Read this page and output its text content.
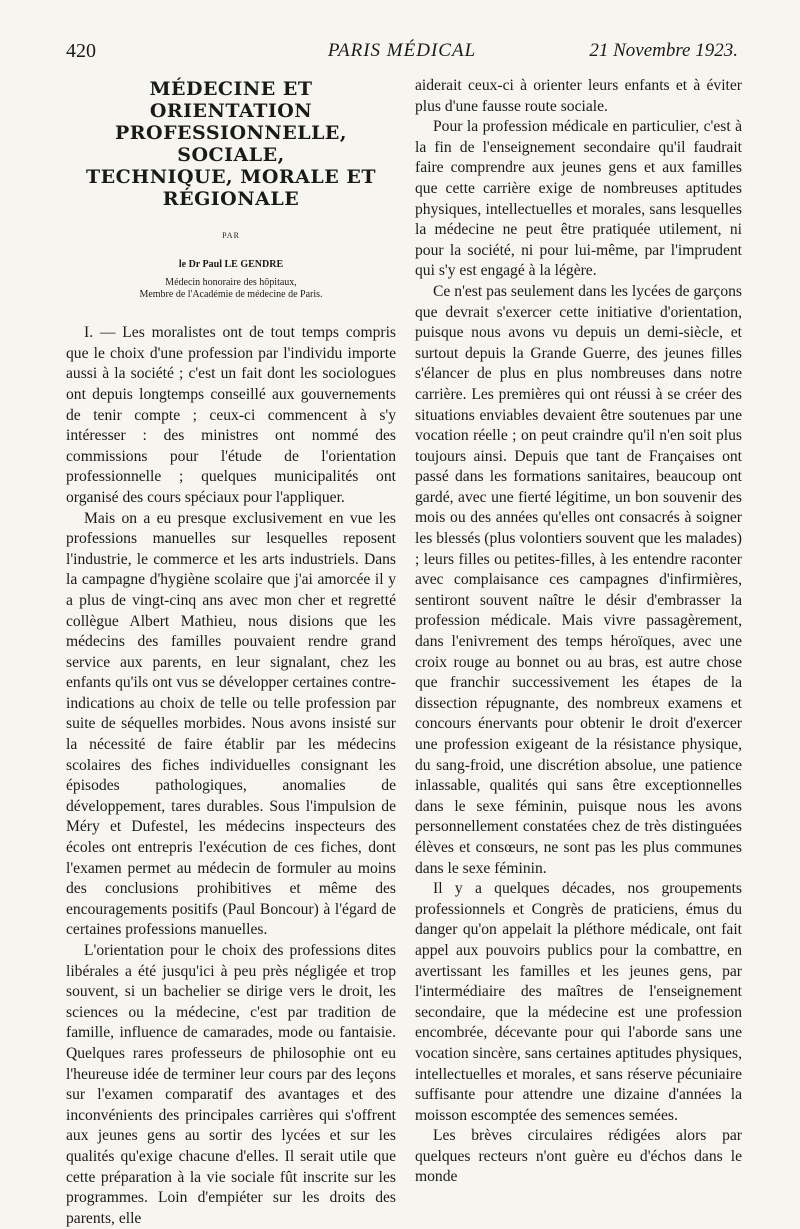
420	PARIS MÉDICAL	21 Novembre 1923.
MÉDECINE ET ORIENTATION
PROFESSIONNELLE, SOCIALE,
TECHNIQUE, MORALE ET
RÉGIONALE
PAR
le Dr Paul LE GENDRE
Médecin honoraire des hôpitaux,
Membre de l'Académie de médecine de Paris.

I. — Les moralistes ont de tout temps compris que le choix d'une profession par l'individu importe aussi à la société ; c'est un fait dont les sociologues ont depuis longtemps conseillé aux gouvernements de tenir compte ; ceux-ci commencent à s'y intéresser : des ministres ont nommé des commissions pour l'étude de l'orientation professionnelle ; quelques municipalités ont organisé des cours spéciaux pour l'appliquer.

Mais on a eu presque exclusivement en vue les professions manuelles sur lesquelles reposent l'industrie, le commerce et les arts industriels. Dans la campagne d'hygiène scolaire que j'ai amorcée il y a plus de vingt-cinq ans avec mon cher et regretté collègue Albert Mathieu, nous disions que les médecins des familles pouvaient rendre grand service aux parents, en leur signalant, chez les enfants qu'ils ont vus se développer certaines contre-indications au choix de telle ou telle profession par suite de séquelles morbides. Nous avons insisté sur la nécessité de faire établir par les médecins scolaires des fiches individuelles consignant les épisodes pathologiques, anomalies de développement, tares durables. Sous l'impulsion de Méry et Dufestel, les médecins inspecteurs des écoles ont entrepris l'exécution de ces fiches, dont l'examen permet au médecin de formuler au moins des conclusions prohibitives et même des encouragements positifs (Paul Boncour) à l'égard de certaines professions manuelles.

L'orientation pour le choix des professions dites libérales a été jusqu'ici à peu près négligée et trop souvent, si un bachelier se dirige vers le droit, les sciences ou la médecine, c'est par tradition de famille, influence de camarades, mode ou fantaisie. Quelques rares professeurs de philosophie ont eu l'heureuse idée de terminer leur cours par des leçons sur l'examen comparatif des avantages et des inconvénients des principales carrières qui s'offrent aux jeunes gens au sortir des lycées et sur les qualités qu'exige chacune d'elles. Il serait utile que cette préparation à la vie sociale fût inscrite sur les programmes. Loin d'empiéter sur les droits des parents, elle

aiderait ceux-ci à orienter leurs enfants et à éviter plus d'une fausse route sociale.

Pour la profession médicale en particulier, c'est à la fin de l'enseignement secondaire qu'il faudrait faire comprendre aux jeunes gens et aux familles que cette carrière exige de nombreuses aptitudes physiques, intellectuelles et morales, sans lesquelles la médecine ne peut être pratiquée utilement, ni pour la société, ni pour lui-même, par l'imprudent qui s'y est engagé à la légère.

Ce n'est pas seulement dans les lycées de garçons que devrait s'exercer cette initiative d'orientation, puisque nous avons vu depuis un demi-siècle, et surtout depuis la Grande Guerre, des jeunes filles s'élancer de plus en plus nombreuses dans notre carrière. Les premières qui ont réussi à se créer des situations enviables devaient être soutenues par une vocation réelle ; on peut craindre qu'il n'en soit plus toujours ainsi. Depuis que tant de Françaises ont passé dans les formations sanitaires, beaucoup ont gardé, avec une fierté légitime, un bon souvenir des mois ou des années qu'elles ont consacrés à soigner les blessés (plus volontiers souvent que les malades) ; leurs filles ou petites-filles, à les entendre raconter avec complaisance ces campagnes d'infirmières, sentiront souvent naître le désir d'embrasser la profession médicale. Mais vivre passagèrement, dans l'enivrement des temps héroïques, avec une croix rouge au bonnet ou au bras, est autre chose que franchir successivement les étapes de la dissection répugnante, des nombreux examens et concours énervants pour obtenir le droit d'exercer une profession exigeant de la résistance physique, du sang-froid, une discrétion absolue, une patience inlassable, qualités qui sans être exceptionnelles dans le sexe féminin, puisque nous les avons personnellement constatées chez de très distinguées élèves et consœurs, ne sont pas les plus communes dans le sexe féminin.

Il y a quelques décades, nos groupements professionnels et Congrès de praticiens, émus du danger qu'on appelait la pléthore médicale, ont fait appel aux pouvoirs publics pour la combattre, en avertissant les familles et les jeunes gens, par l'intermédiaire des maîtres de l'enseignement secondaire, que la médecine est une profession encombrée, décevante pour qui l'aborde sans une vocation sincère, sans certaines aptitudes physiques, intellectuelles et morales, et sans réserve pécuniaire suffisante pour attendre une dizaine d'années la moisson escomptée des semences semées.

Les brèves circulaires rédigées alors par quelques recteurs n'ont guère eu d'échos dans le monde
